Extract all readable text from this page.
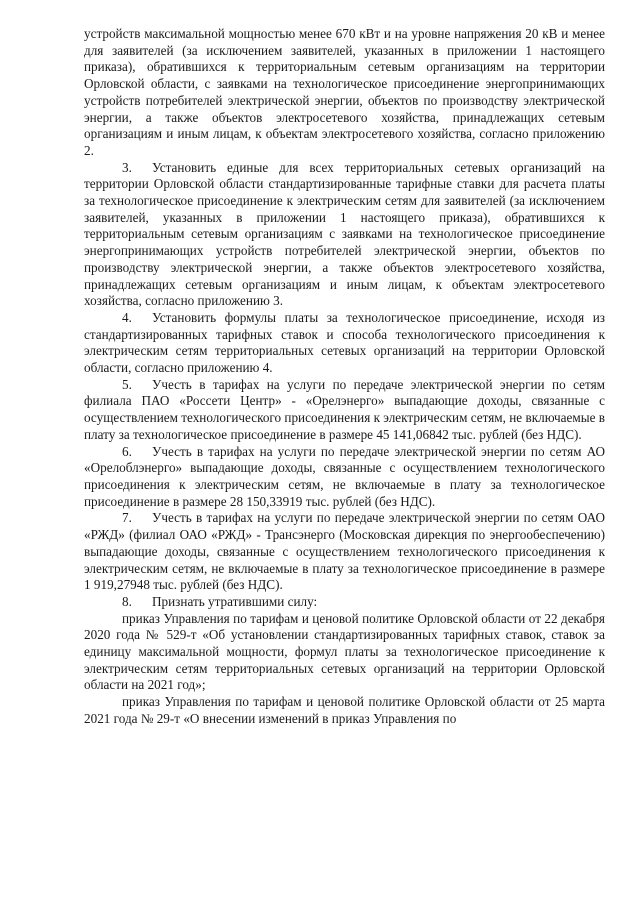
устройств максимальной мощностью менее 670 кВт и на уровне напряжения 20 кВ и менее для заявителей (за исключением заявителей, указанных в приложении 1 настоящего приказа), обратившихся к территориальным сетевым организациям на территории Орловской области, с заявками на технологическое присоединение энергопринимающих устройств потребителей электрической энергии, объектов по производству электрической энергии, а также объектов электросетевого хозяйства, принадлежащих сетевым организациям и иным лицам, к объектам электросетевого хозяйства, согласно приложению 2.

3. Установить единые для всех территориальных сетевых организаций на территории Орловской области стандартизированные тарифные ставки для расчета платы за технологическое присоединение к электрическим сетям для заявителей (за исключением заявителей, указанных в приложении 1 настоящего приказа), обратившихся к территориальным сетевым организациям с заявками на технологическое присоединение энергопринимающих устройств потребителей электрической энергии, объектов по производству электрической энергии, а также объектов электросетевого хозяйства, принадлежащих сетевым организациям и иным лицам, к объектам электросетевого хозяйства, согласно приложению 3.

4. Установить формулы платы за технологическое присоединение, исходя из стандартизированных тарифных ставок и способа технологического присоединения к электрическим сетям территориальных сетевых организаций на территории Орловской области, согласно приложению 4.

5. Учесть в тарифах на услуги по передаче электрической энергии по сетям филиала ПАО «Россети Центр» - «Орелэнерго» выпадающие доходы, связанные с осуществлением технологического присоединения к электрическим сетям, не включаемые в плату за технологическое присоединение в размере 45 141,06842 тыс. рублей (без НДС).

6. Учесть в тарифах на услуги по передаче электрической энергии по сетям АО «Орелоблэнерго» выпадающие доходы, связанные с осуществлением технологического присоединения к электрическим сетям, не включаемые в плату за технологическое присоединение в размере 28 150,33919 тыс. рублей (без НДС).

7. Учесть в тарифах на услуги по передаче электрической энергии по сетям ОАО «РЖД» (филиал ОАО «РЖД» - Трансэнерго (Московская дирекция по энергообеспечению) выпадающие доходы, связанные с осуществлением технологического присоединения к электрическим сетям, не включаемые в плату за технологическое присоединение в размере 1 919,27948 тыс. рублей (без НДС).

8. Признать утратившими силу:

приказ Управления по тарифам и ценовой политике Орловской области от 22 декабря 2020 года № 529-т «Об установлении стандартизированных тарифных ставок, ставок за единицу максимальной мощности, формул платы за технологическое присоединение к электрическим сетям территориальных сетевых организаций на территории Орловской области на 2021 год»;

приказ Управления по тарифам и ценовой политике Орловской области от 25 марта 2021 года № 29-т «О внесении изменений в приказ Управления по
